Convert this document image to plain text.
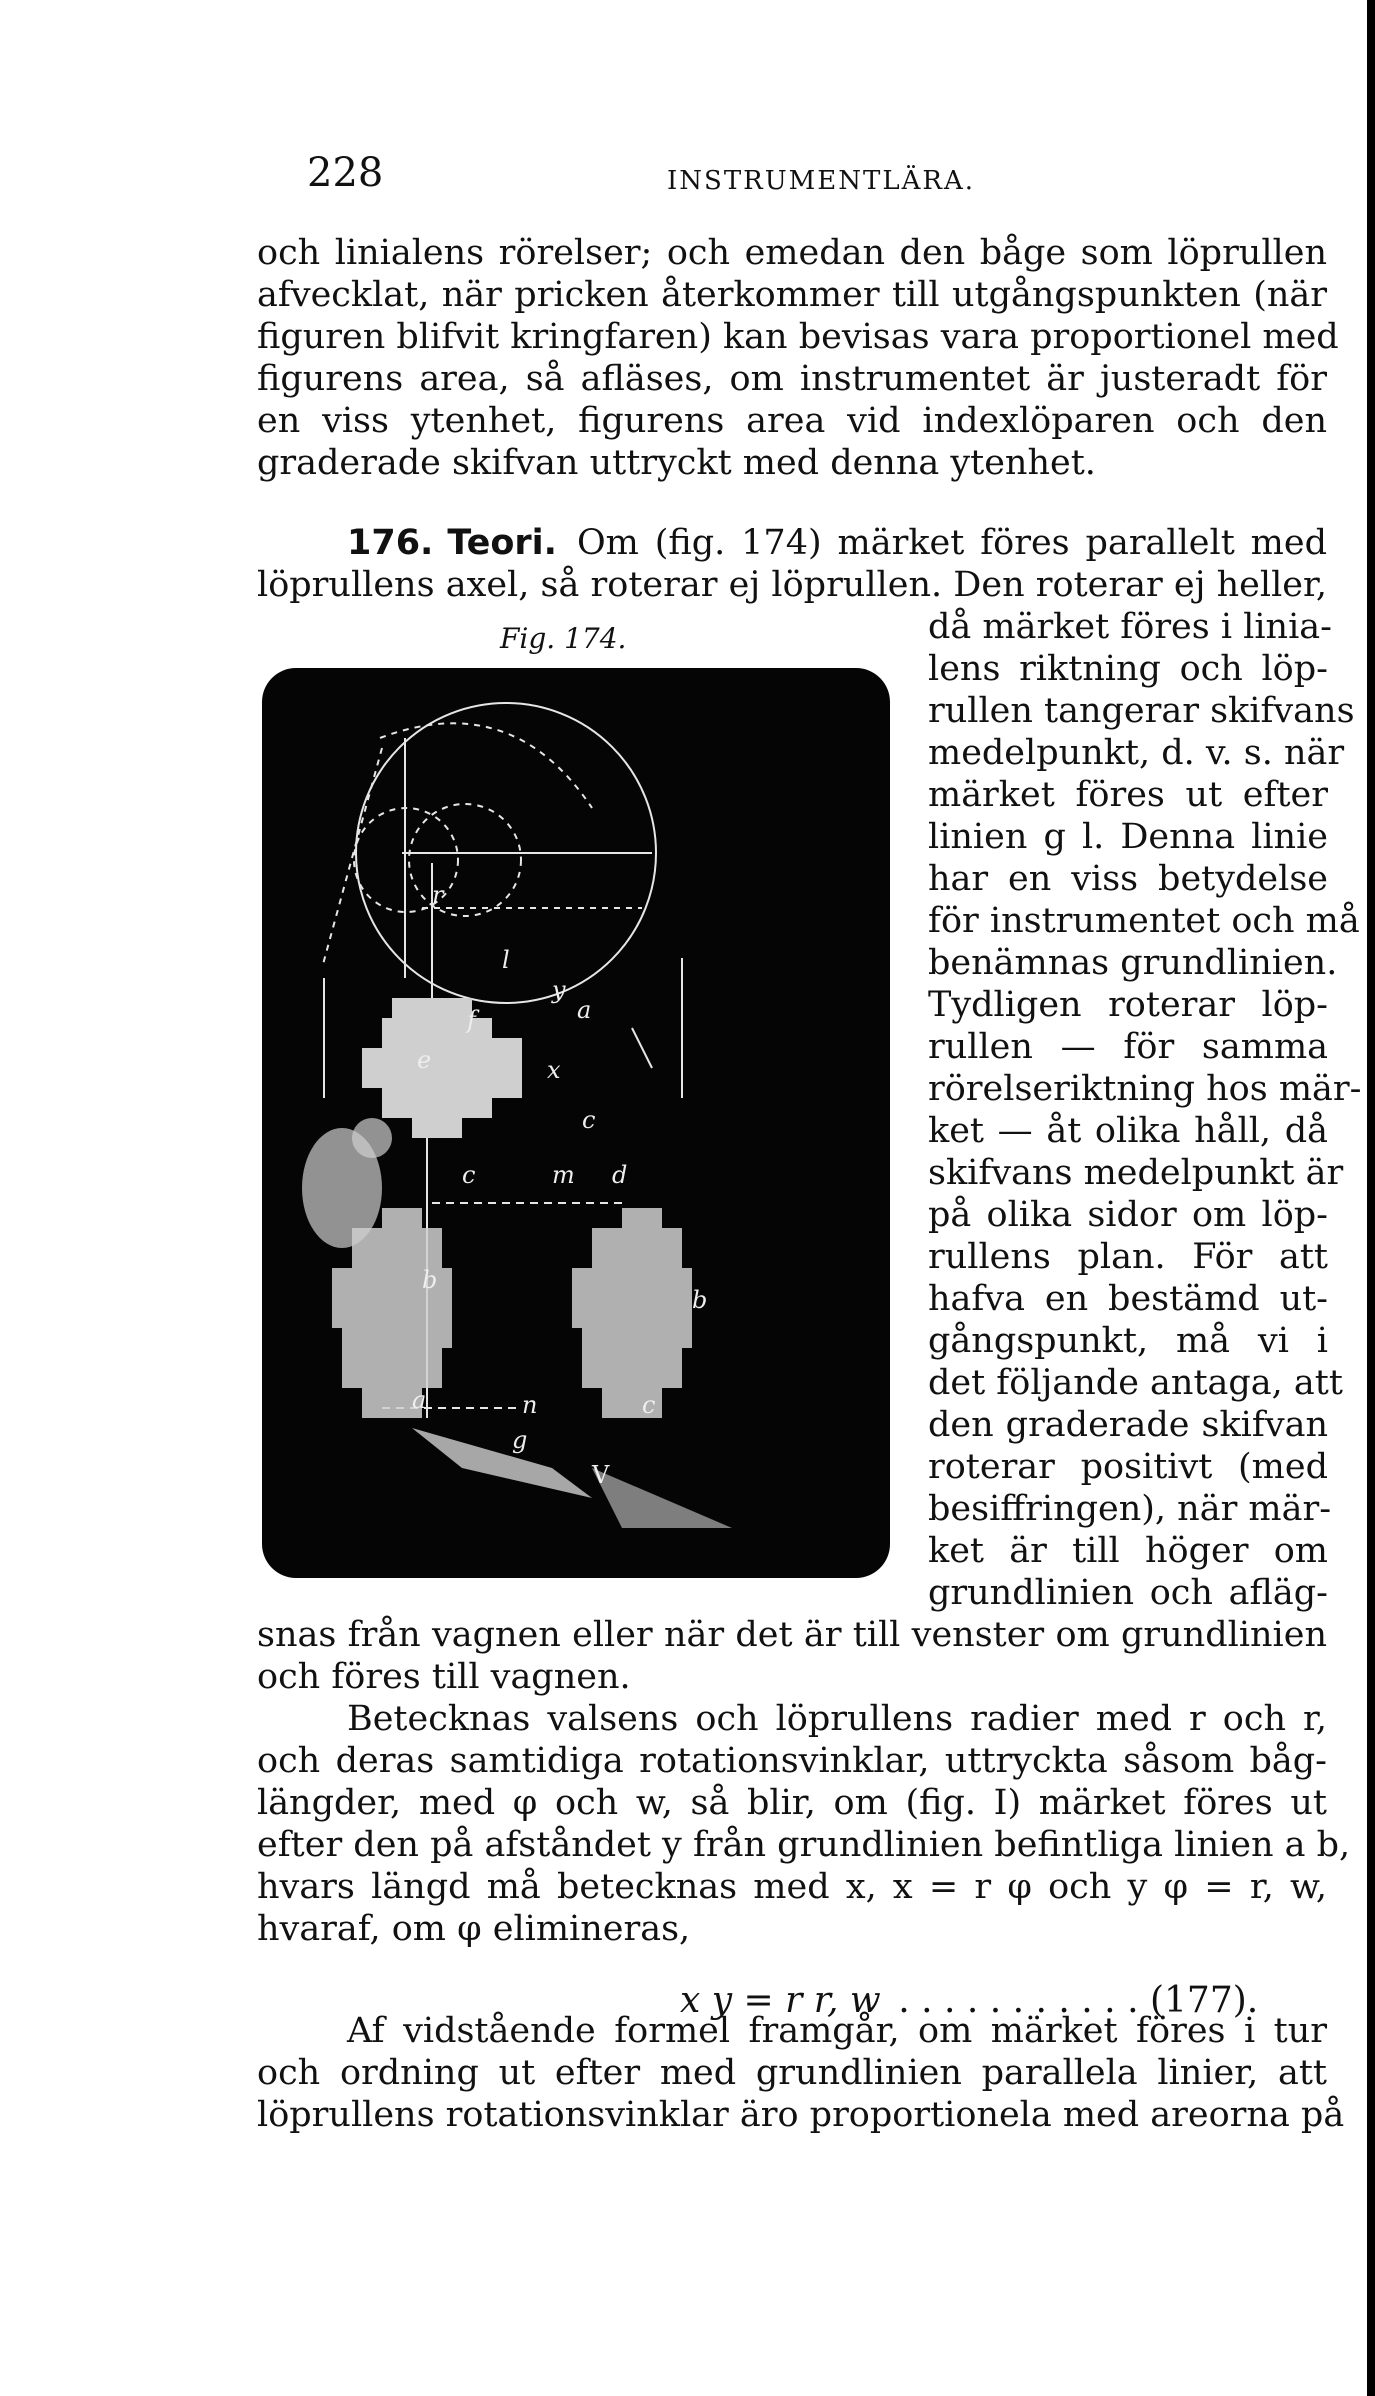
228	INSTRUMENTLÄRA.
och linialens rörelser; och emedan den båge som löprullen
afvecklat, när pricken återkommer till utgångspunkten (när
figuren blifvit kringfaren) kan bevisas vara proportionel med
figurens area, så afläses, om instrumentet är justeradt för
en viss ytenhet, figurens area vid indexlöparen och den
graderade skifvan uttryckt med denna ytenhet.
176. Teori. Om (fig. 174) märket föres parallelt med
löprullens axel, så roterar ej löprullen. Den roterar ej heller,
Fig. 174.
r
l
y
a
f
e	x
c
c	m d
b
b
a	n	c
g
V
då märket föres i linia-
lens riktning och löp-
rullen tangerar skifvans
medelpunkt, d. v. s. när
märket föres ut efter
linien g l. Denna linie
har en viss betydelse
för instrumentet och må
benämnas grundlinien.
Tydligen roterar löp-
rullen — för samma
rörelseriktning hos mär-
ket — åt olika håll, då
skifvans medelpunkt är
på olika sidor om löp-
rullens plan. För att
hafva en bestämd ut-
gångspunkt, må vi i
det följande antaga, att
den graderade skifvan
roterar positivt (med
besiffringen), när mär-
ket är till höger om
grundlinien och afläg-
snas från vagnen eller när det är till venster om grundlinien
och föres till vagnen.
Betecknas valsens och löprullens radier med r och r,
och deras samtidiga rotationsvinklar, uttryckta såsom båg-
längder, med φ och w, så blir, om (fig. I) märket föres ut
efter den på afståndet y från grundlinien befintliga linien a b,
hvars längd må betecknas med x, x = r φ och y φ = r, w,
hvaraf, om φ elimineras,
x y = r r, w . . . . . . . . . . . (177).
Af vidstående formel framgår, om märket föres i tur
och ordning ut efter med grundlinien parallela linier, att
löprullens rotationsvinklar äro proportionela med areorna på
